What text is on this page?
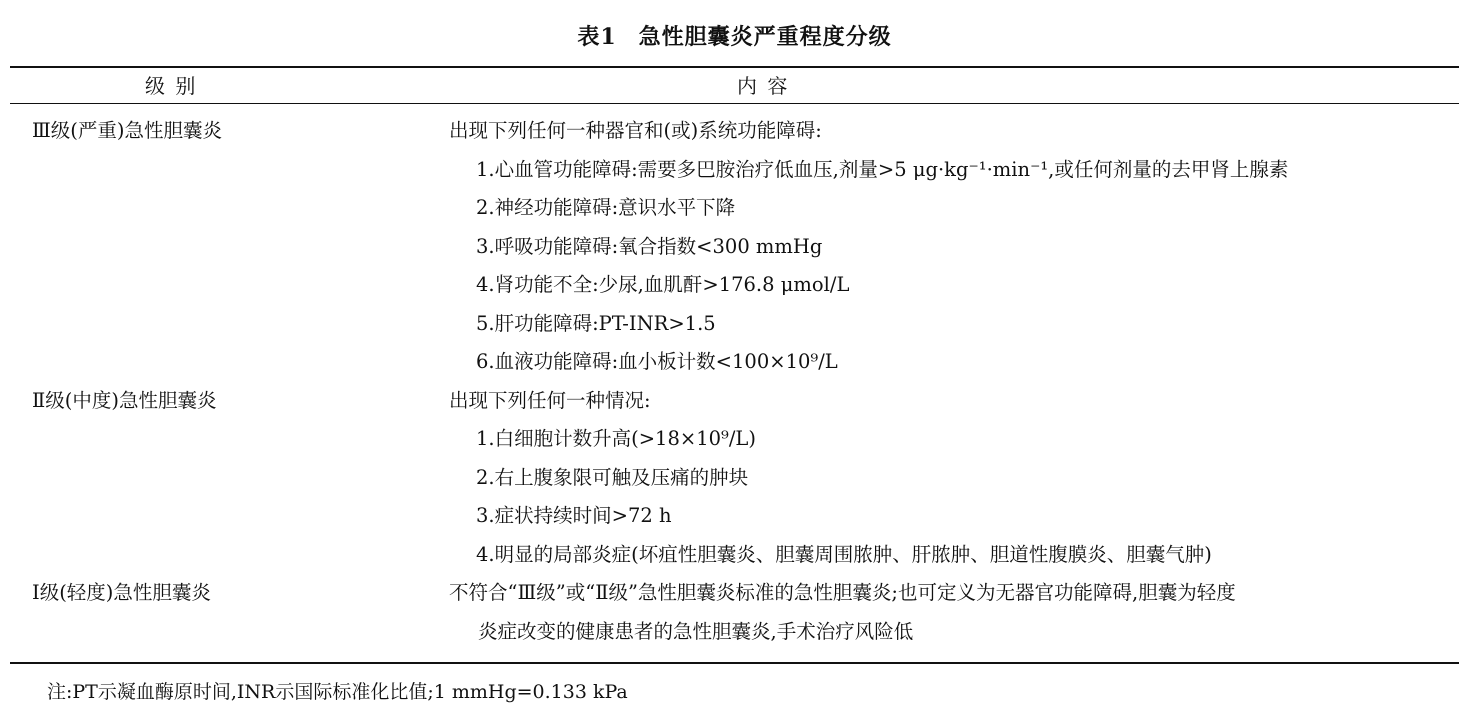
表1 急性胆囊炎严重程度分级
级 别	内 容
Ⅲ级(严重)急性胆囊炎	出现下列任何一种器官和(或)系统功能障碍:
1.心血管功能障碍:需要多巴胺治疗低血压,剂量>5 μg·kg⁻¹·min⁻¹,或任何剂量的去甲肾上腺素
2.神经功能障碍:意识水平下降
3.呼吸功能障碍:氧合指数<300 mmHg
4.肾功能不全:少尿,血肌酐>176.8 μmol/L
5.肝功能障碍:PT-INR>1.5
6.血液功能障碍:血小板计数<100×10⁹/L
Ⅱ级(中度)急性胆囊炎	出现下列任何一种情况:
1.白细胞计数升高(>18×10⁹/L)
2.右上腹象限可触及压痛的肿块
3.症状持续时间>72 h
4.明显的局部炎症(坏疽性胆囊炎、胆囊周围脓肿、肝脓肿、胆道性腹膜炎、胆囊气肿)
Ⅰ级(轻度)急性胆囊炎	不符合“Ⅲ级”或“Ⅱ级”急性胆囊炎标准的急性胆囊炎;也可定义为无器官功能障碍,胆囊为轻度
炎症改变的健康患者的急性胆囊炎,手术治疗风险低
注:PT示凝血酶原时间,INR示国际标准化比值;1 mmHg=0.133 kPa
